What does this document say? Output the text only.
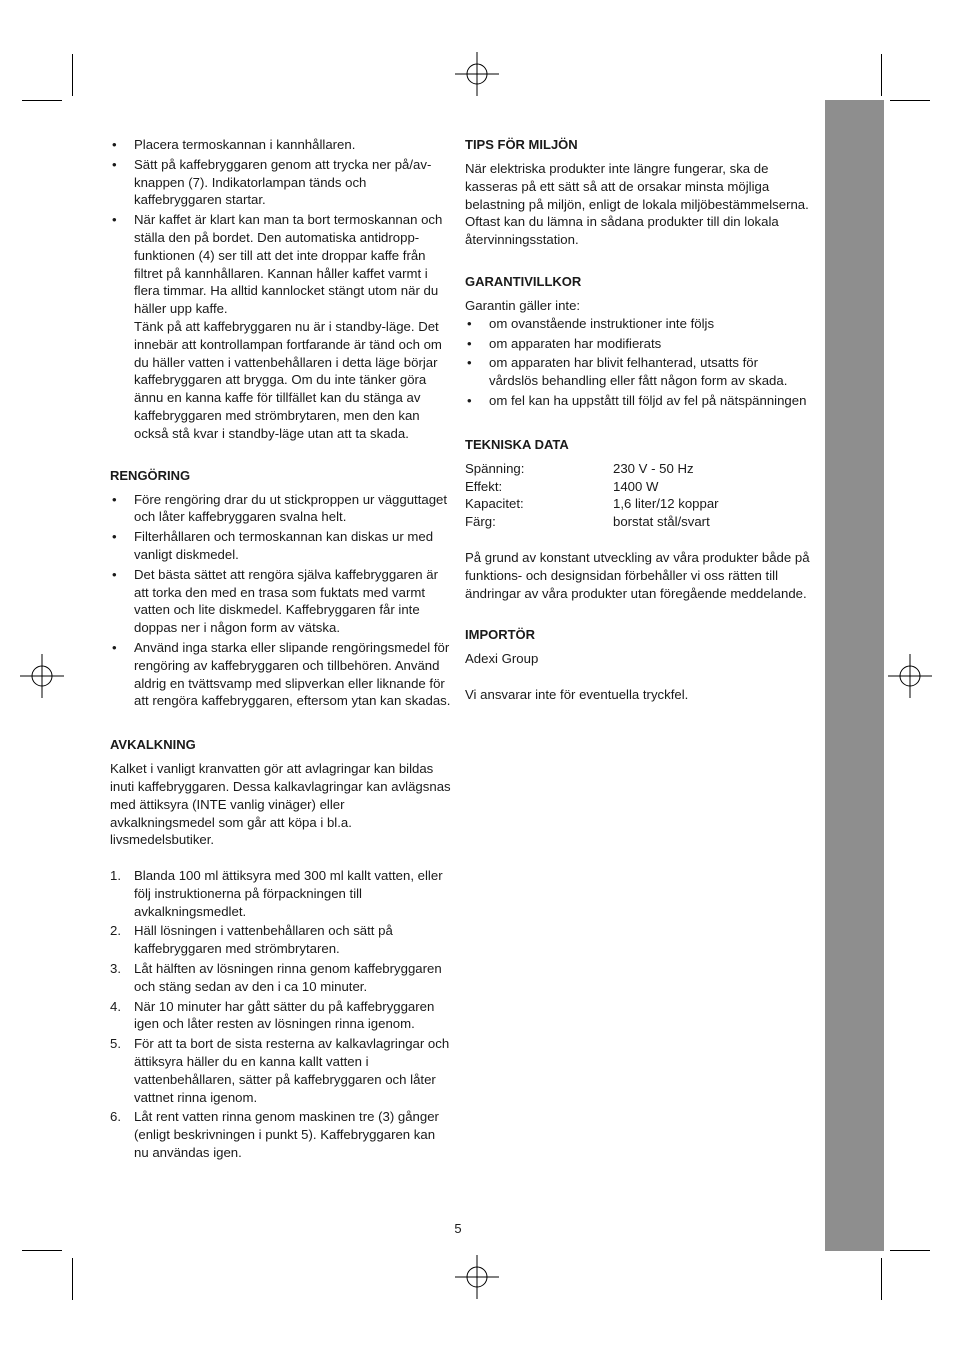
• Placera termoskannan i kannhållaren.
• Sätt på kaffebryggaren genom att trycka ner på/av-knappen (7). Indikatorlampan tänds och kaffebryggaren startar.
• När kaffet är klart kan man ta bort termoskannan och ställa den på bordet. Den automatiska antidropp-funktionen (4) ser till att det inte droppar kaffe från filtret på kannhållaren. Kannan håller kaffet varmt i flera timmar. Ha alltid kannlocket stängt utom när du häller upp kaffe.

Tänk på att kaffebryggaren nu är i standby-läge. Det innebär att kontrollampan fortfarande är tänd och om du häller vatten i vattenbehållaren i detta läge börjar kaffebryggaren att brygga. Om du inte tänker göra ännu en kanna kaffe för tillfället kan du stänga av kaffebryggaren med strömbrytaren, men den kan också stå kvar i standby-läge utan att ta skada.

RENGÖRING
• Före rengöring drar du ut stickproppen ur vägguttaget och låter kaffebryggaren svalna helt.
• Filterhållaren och termoskannan kan diskas ur med vanligt diskmedel.
• Det bästa sättet att rengöra själva kaffebryggaren är att torka den med en trasa som fuktats med varmt vatten och lite diskmedel. Kaffebryggaren får inte doppas ner i någon form av vätska.
• Använd inga starka eller slipande rengöringsmedel för rengöring av kaffebryggaren och tillbehören. Använd aldrig en tvättsvamp med slipverkan eller liknande för att rengöra kaffebryggaren, eftersom ytan kan skadas.
AVKALKNING

Kalket i vanligt kranvatten gör att avlagringar kan bildas inuti kaffebryggaren. Dessa kalkavlagringar kan avlägsnas med ättiksyra (INTE vanlig vinäger) eller avkalkningsmedel som går att köpa i bl.a. livsmedelsbutiker.

1. Blanda 100 ml ättiksyra med 300 ml kallt vatten, eller följ instruktionerna på förpackningen till avkalkningsmedlet.
2. Häll lösningen i vattenbehållaren och sätt på kaffebryggaren med strömbrytaren.
3. Låt hälften av lösningen rinna genom kaffebryggaren och stäng sedan av den i ca 10 minuter.
4. När 10 minuter har gått sätter du på kaffebryggaren igen och låter resten av lösningen rinna igenom.
5. För att ta bort de sista resterna av kalkavlagringar och ättiksyra häller du en kanna kallt vatten i vattenbehållaren, sätter på kaffebryggaren och låter vattnet rinna igenom.
6. Låt rent vatten rinna genom maskinen tre (3) gånger (enligt beskrivningen i punkt 5). Kaffebryggaren kan nu användas igen.
TIPS FÖR MILJÖN

När elektriska produkter inte längre fungerar, ska de kasseras på ett sätt så att de orsakar minsta möjliga belastning på miljön, enligt de lokala miljöbestämmelserna. Oftast kan du lämna in sådana produkter till din lokala återvinningsstation.

GARANTIVILLKOR

Garantin gäller inte:

• om ovanstående instruktioner inte följs
• om apparaten har modifierats
• om apparaten har blivit felhanterad, utsatts för vårdslös behandling eller fått någon form av skada.
• om fel kan ha uppstått till följd av fel på nätspänningen
TEKNISKA DATA
Spänning:	230 V - 50 Hz
Effekt:	1400 W
Kapacitet:	1,6 liter/12 koppar
Färg:	borstat stål/svart

På grund av konstant utveckling av våra produkter både på funktions- och designsidan förbehåller vi oss rätten till ändringar av våra produkter utan föregående meddelande.

IMPORTÖR

Adexi Group

Vi ansvarar inte för eventuella tryckfel.

5
